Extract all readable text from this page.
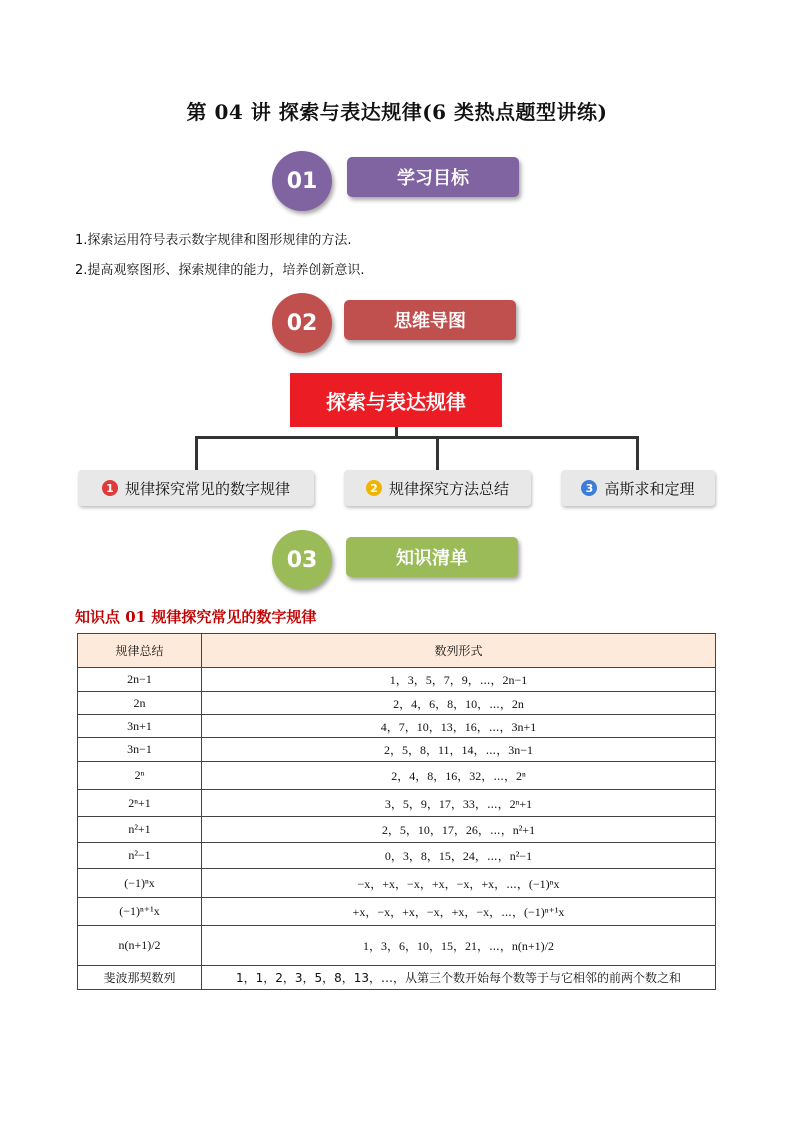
第 04 讲 探索与表达规律(6 类热点题型讲练)
01	学习目标
1.探索运用符号表示数字规律和图形规律的方法.
2.提高观察图形、探索规律的能力，培养创新意识.
02	思维导图
探索与表达规律
1 规律探究常见的数字规律	2 规律探究方法总结	3 高斯求和定理
03	知识清单
知识点 01 规律探究常见的数字规律
规律总结	数列形式
2n−1	1，3，5，7，9，⋯，2n−1
2n	2，4，6，8，10，⋯，2n
3n+1	4，7，10，13，16，⋯，3n+1
3n−1	2，5，8，11，14，⋯，3n−1
2ⁿ	2，4，8，16，32，⋯，2ⁿ
2ⁿ+1	3，5，9，17，33，⋯，2ⁿ+1
n²+1	2，5，10，17，26，⋯，n²+1
n²−1	0，3，8，15，24，⋯，n²−1
(−1)ⁿx	−x，+x，−x，+x，−x，+x，⋯，(−1)ⁿx
(−1)ⁿ⁺¹x	+x，−x，+x，−x，+x，−x，⋯，(−1)ⁿ⁺¹x
n(n+1)/2	1，3，6，10，15，21，⋯，n(n+1)/2
斐波那契数列	1，1，2，3，5，8，13，…，从第三个数开始每个数等于与它相邻的前两个数之和
